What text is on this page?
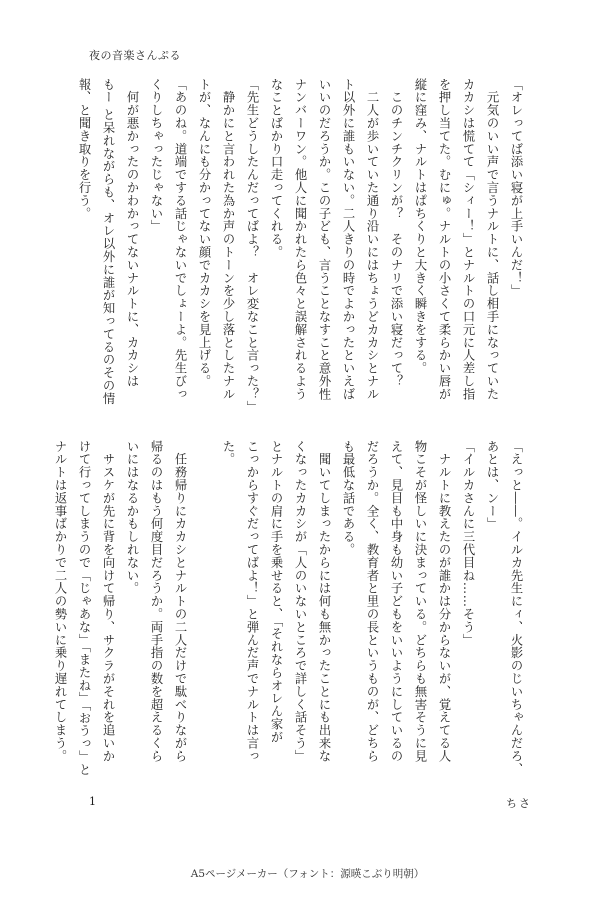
夜の音楽さんぷる
「オレってば添い寝が上手いんだ！」
　元気のいい声で言うナルトに、話し相手になっていた
カカシは慌てて「シィー！」とナルトの口元に人差し指
を押し当てた。むにゅ。ナルトの小さくて柔らかい唇が
縦に窪み、ナルトはぱちくりと大きく瞬きをする。
　このチンチクリンが？　そのナリで添い寝だって？
　二人が歩いていた通り沿いにはちょうどカカシとナル
ト以外に誰もいない。二人きりの時でよかったといえば
いいのだろうか。この子ども、言うことなすこと意外性
ナンバーワン。他人に聞かれたら色々と誤解されるよう
なことばかり口走ってくれる。
「先生どうしたんだってばよ？　オレ変なこと言った？」
　静かにと言われた為か声のトーンを少し落としたナル
トが、なんにも分かってない顔でカカシを見上げる。
「あのね。道端でする話じゃないでしょーよ。先生びっ
くりしちゃったじゃない」
　何が悪かったのかわかってないナルトに、カカシは
もー と呆れながらも、オレ以外に誰が知ってるのその情
報、と聞き取りを行う。
「えっと――。イルカ先生にィ、火影のじいちゃんだろ、
あとは、ンー」
「イルカさんに三代目ね……そう」
　ナルトに教えたのが誰かは分からないが、覚えてる人
物こそが怪しいに決まっている。どちらも無害そうに見
えて、見目も中身も幼い子どもをいいようにしているの
だろうか。全く、教育者と里の長というものが、どちら
も最低な話である。
　聞いてしまったからには何も無かったことにも出来な
くなったカカシが「人のいないところで詳しく話そう」
とナルトの肩に手を乗せると、「それならオレん家が
こっからすぐだってばよ！」と弾んだ声でナルトは言っ
た。

　任務帰りにカカシとナルトの二人だけで駄べりながら
帰るのはもう何度目だろうか。両手指の数を超えるくら
いにはなるかもしれない。
　サスケが先に背を向けて帰り、サクラがそれを追いか
けて行ってしまうので「じゃあな」「またね」「おうっ」と
ナルトは返事ばかりで二人の勢いに乗り遅れてしまう。
1	ちさ
A5ページメーカー（フォント：源暎こぶり明朝）
